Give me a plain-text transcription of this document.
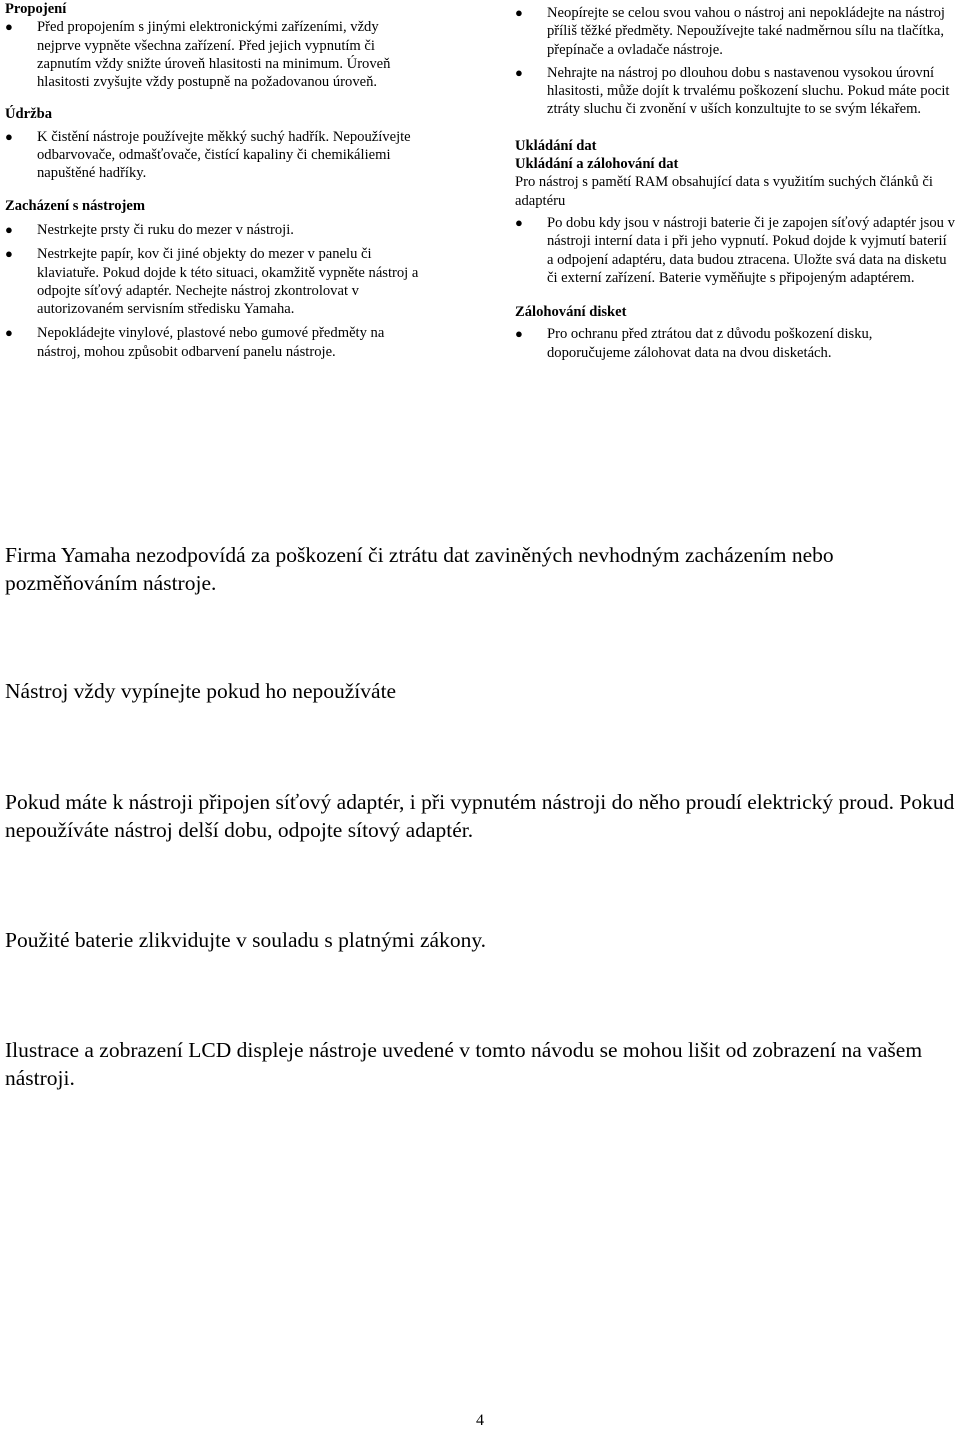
Propojení
● Před propojením s jinými elektronickými zařízeními, vždy nejprve vypněte všechna zařízení. Před jejich vypnutím či zapnutím vždy snižte úroveň hlasitosti na minimum. Úroveň hlasitosti zvyšujte vždy postupně na požadovanou úroveň.
Údržba
● K čistění nástroje používejte měkký suchý hadřík. Nepoužívejte odbarvovače, odmašťovače, čistící kapaliny či chemikáliemi napuštěné hadříky.
Zacházení s nástrojem
● Nestrkejte prsty či ruku do mezer v nástroji.
● Nestrkejte papír, kov či jiné objekty do mezer v panelu či klaviatuře. Pokud dojde k této situaci, okamžitě vypněte nástroj a odpojte síťový adaptér. Nechejte nástroj zkontrolovat v autorizovaném servisním středisku Yamaha.
● Nepokládejte vinylové, plastové nebo gumové předměty na nástroj, mohou způsobit odbarvení panelu nástroje.
● Neopírejte se celou svou vahou o nástroj ani nepokládejte na nástroj příliš těžké předměty. Nepoužívejte také nadměrnou sílu na tlačítka, přepínače a ovladače nástroje.
● Nehrajte na nástroj po dlouhou dobu s nastavenou vysokou úrovní hlasitosti, může dojít k trvalému poškození sluchu. Pokud máte pocit ztráty sluchu či zvonění v uších konzultujte to se svým lékařem.
Ukládání dat
Ukládání a zálohování dat
Pro nástroj s pamětí RAM obsahující data s využitím suchých článků či adaptéru
● Po dobu kdy jsou v nástroji baterie či je zapojen síťový adaptér jsou v nástroji interní data i při jeho vypnutí. Pokud dojde k vyjmutí baterií a odpojení adaptéru, data budou ztracena. Uložte svá data na disketu či externí zařízení. Baterie vyměňujte s připojeným adaptérem.
Zálohování disket
● Pro ochranu před ztrátou dat z důvodu poškození disku, doporučujeme zálohovat data na dvou disketách.
Firma Yamaha nezodpovídá za poškození či ztrátu dat zaviněných nevhodným zacházením nebo pozměňováním nástroje.
Nástroj vždy vypínejte pokud ho nepoužíváte
Pokud máte k nástroji připojen síťový adaptér, i při vypnutém nástroji do něho proudí elektrický proud. Pokud nepoužíváte nástroj delší dobu, odpojte sítový adaptér.
Použité baterie zlikvidujte v souladu s platnými zákony.
Ilustrace a zobrazení LCD displeje nástroje uvedené v tomto návodu se mohou lišit od zobrazení na vašem nástroji.
4
